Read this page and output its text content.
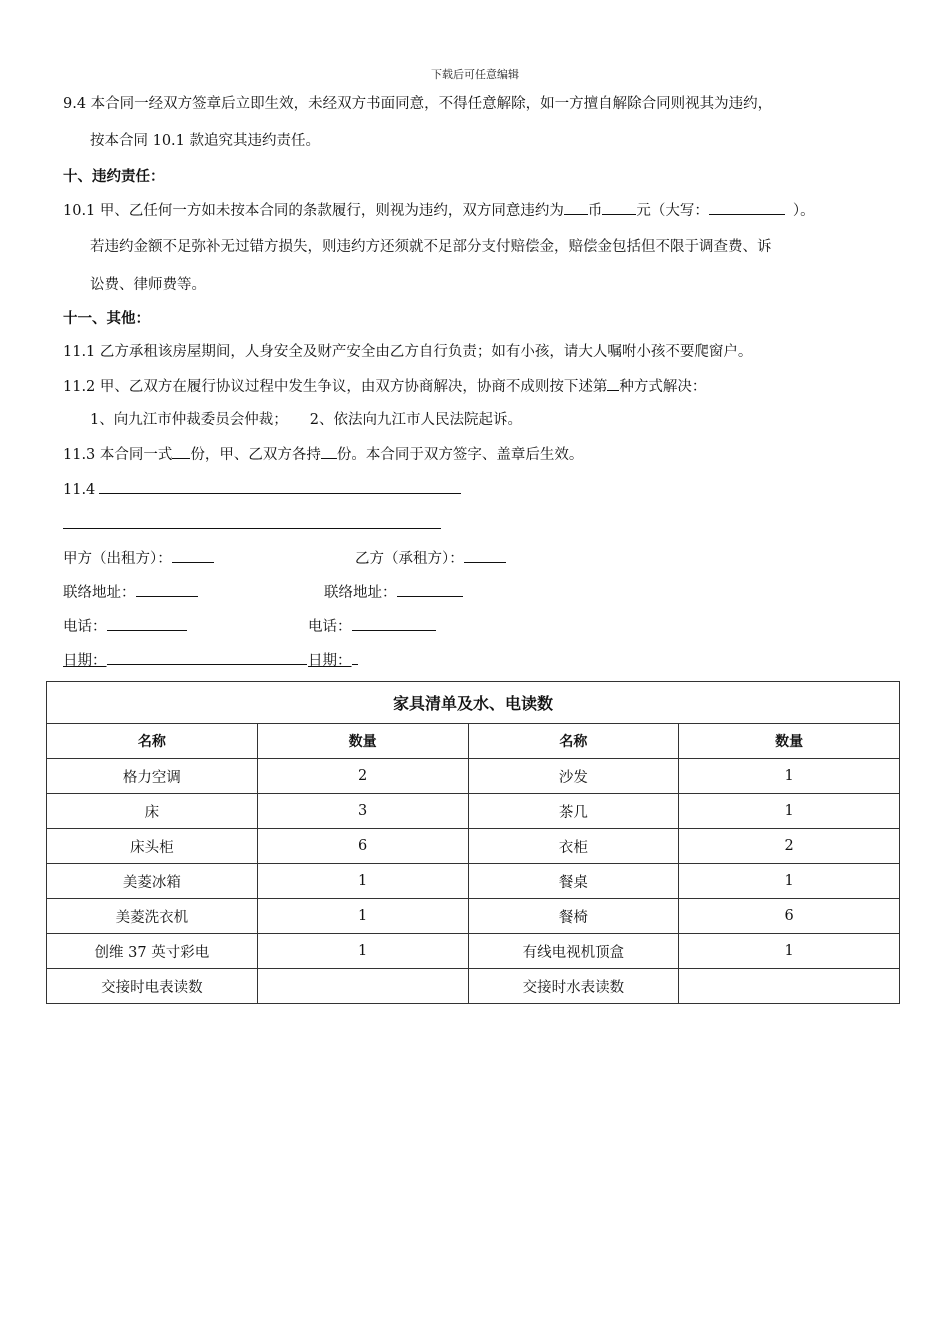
下载后可任意编辑
9.4 本合同一经双方签章后立即生效，未经双方书面同意，不得任意解除，如一方擅自解除合同则视其为违约，
按本合同 10.1 款追究其违约责任。
十、违约责任：
10.1 甲、乙任何一方如未按本合同的条款履行，则视为违约，双方同意违约为 币 元（大写：	）。
若违约金额不足弥补无过错方损失，则违约方还须就不足部分支付赔偿金，赔偿金包括但不限于调查费、诉
讼费、律师费等。
十一、其他：
11.1 乙方承租该房屋期间，人身安全及财产安全由乙方自行负责；如有小孩，请大人嘱咐小孩不要爬窗户。
11.2 甲、乙双方在履行协议过程中发生争议，由双方协商解决，协商不成则按下述第 种方式解决：
1、向九江市仲裁委员会仲裁； 2、依法向九江市人民法院起诉。
11.3 本合同一式 份，甲、乙双方各持 份。本合同于双方签字、盖章后生效。
11.4
甲方（出租方）：	乙方（承租方）：
联络地址：	联络地址：
电话：	电话：
日期：	日期：
家具清单及水、电读数			
名称	数量	名称	数量
格力空调	2	沙发	1
床	3	茶几	1
床头柜	6	衣柜	2
美菱冰箱	1	餐桌	1
美菱洗衣机	1	餐椅	6
创维 37 英寸彩电	1	有线电视机顶盒	1
交接时电表读数		交接时水表读数	
